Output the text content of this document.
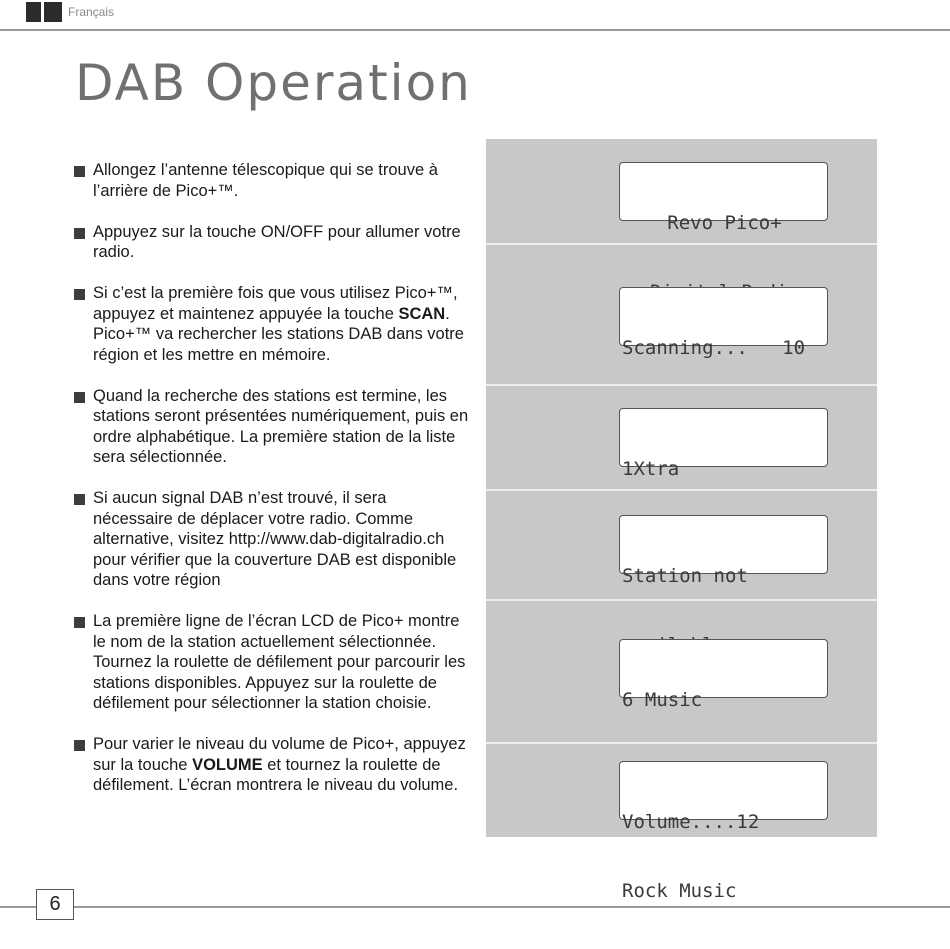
Français
DAB Operation
Allongez l’antenne télescopique qui se trouve à l’arrière de Pico+™.
Appuyez sur la touche ON/OFF pour allumer votre radio.
Si c’est la première fois que vous utilisez Pico+™, appuyez et maintenez appuyée la touche SCAN. Pico+™ va rechercher les stations DAB dans votre région et les mettre en mémoire.
Quand la recherche des stations est termine, les stations seront présentées numériquement, puis en ordre alphabétique. La première station de la liste sera sélectionnée.
Si aucun signal DAB n’est trouvé, il sera nécessaire de déplacer votre radio. Comme alternative, visitez http://www.dab-digitalradio.ch pour vérifier que la couverture DAB est disponible dans votre région
La première ligne de l’écran LCD de Pico+ montre le nom de la station actuellement sélectionnée. Tournez la roulette de défilement pour parcourir les stations disponibles. Appuyez sur la roulette de défilement pour sélectionner la station choisie.
Pour varier le niveau du volume de Pico+, appuyez sur la touche VOLUME et tournez la roulette de défilement. L’écran montrera le niveau du volume.

Revo Pico+

Scanning...   10

1Xtra

Station not

6 Music

Volume....12

Rock Music

6
